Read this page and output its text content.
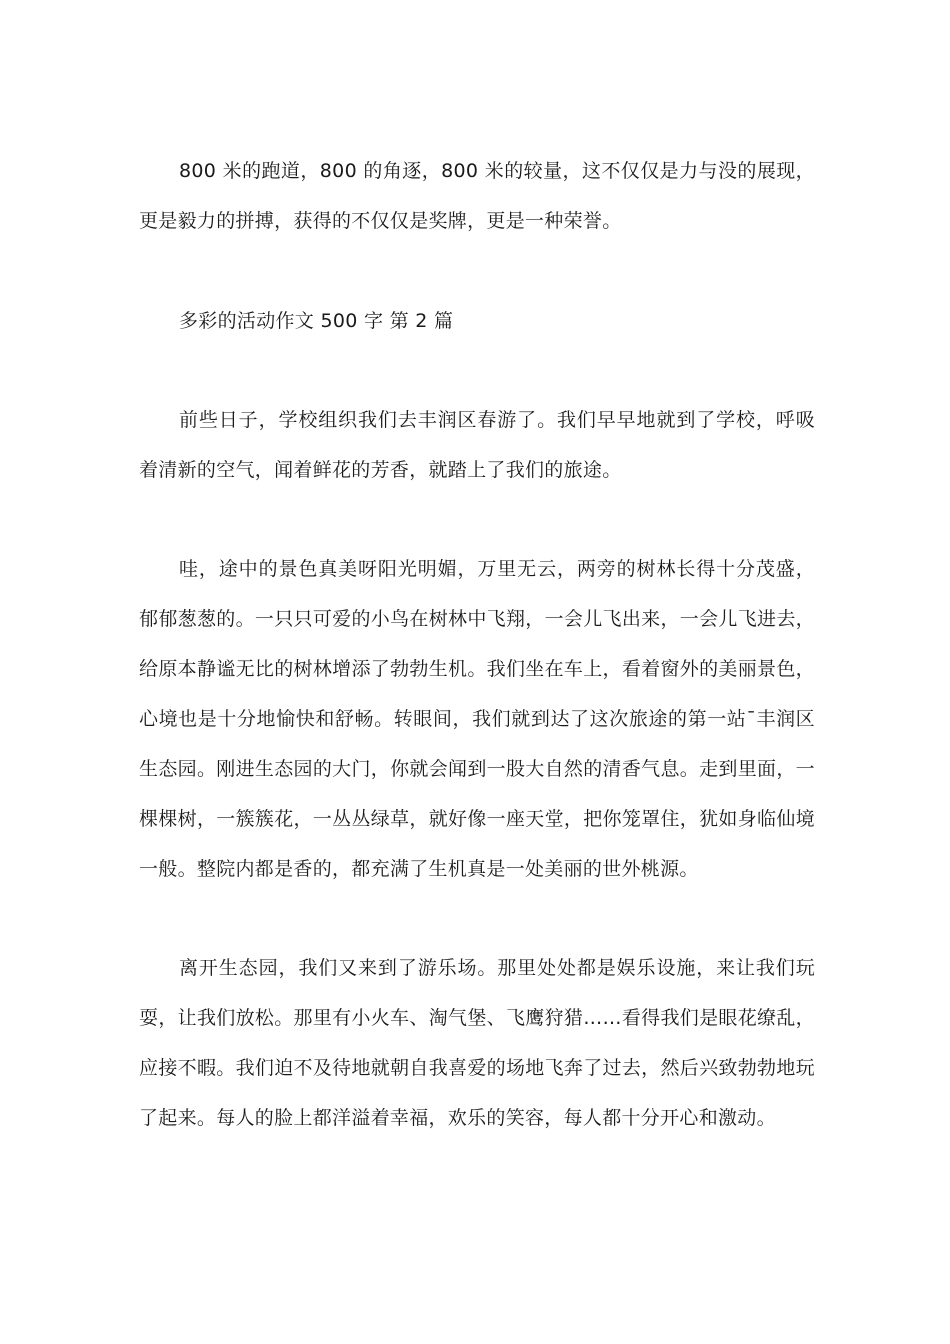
800 米的跑道，800 的角逐，800 米的较量，这不仅仅是力与没的展现，更是毅力的拼搏，获得的不仅仅是奖牌，更是一种荣誉。

多彩的活动作文 500 字 第 2 篇

前些日子，学校组织我们去丰润区春游了。我们早早地就到了学校，呼吸着清新的空气，闻着鲜花的芳香，就踏上了我们的旅途。

哇，途中的景色真美呀阳光明媚，万里无云，两旁的树林长得十分茂盛，郁郁葱葱的。一只只可爱的小鸟在树林中飞翔，一会儿飞出来，一会儿飞进去，给原本静谧无比的树林增添了勃勃生机。我们坐在车上，看着窗外的美丽景色，心境也是十分地愉快和舒畅。转眼间，我们就到达了这次旅途的第一站¯丰润区生态园。刚进生态园的大门，你就会闻到一股大自然的清香气息。走到里面，一棵棵树，一簇簇花，一丛丛绿草，就好像一座天堂，把你笼罩住，犹如身临仙境一般。整院内都是香的，都充满了生机真是一处美丽的世外桃源。

离开生态园，我们又来到了游乐场。那里处处都是娱乐设施，来让我们玩耍，让我们放松。那里有小火车、淘气堡、飞鹰狩猎……看得我们是眼花缭乱，应接不暇。我们迫不及待地就朝自我喜爱的场地飞奔了过去，然后兴致勃勃地玩了起来。每人的脸上都洋溢着幸福，欢乐的笑容，每人都十分开心和激动。
